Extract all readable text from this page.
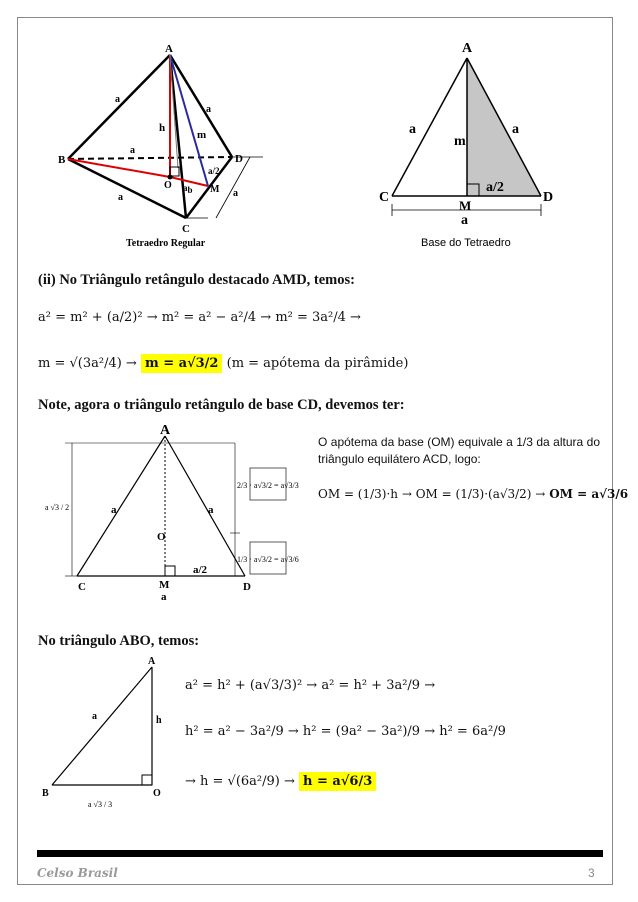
A
B	D
C
O	M
h
m
a
a
a
a	a
ab
a/2
Tetraedro Regular
A
C	D
M
m
a	a
a/2
a
Base do Tetraedro
(ii) No Triângulo retângulo destacado AMD, temos:
a² = m² + (a/2)² → m² = a² − a²/4 → m² = 3a²/4 →
m = √(3a²/4) → m = a√3/2 (m = apótema da pirâmide)
Note, agora o triângulo retângulo de base CD, devemos ter:
A
C	D
M
O
a	a
a/2
a
a √3 / 2
2/3 · a√3/2 = a√3/3
1/3 · a√3/2 = a√3/6
O apótema da base (OM) equivale a 1/3 da altura do triângulo equilátero ACD, logo:
OM = (1/3)·h → OM = (1/3)·(a√3/2) → OM = a√3/6
No triângulo ABO, temos:
A
B	O
a	h
a √3 / 3
a² = h² + (a√3/3)² → a² = h² + 3a²/9 →
h² = a² − 3a²/9 → h² = (9a² − 3a²)/9 → h² = 6a²/9
→ h = √(6a²/9) → h = a√6/3
Celso Brasil	3
